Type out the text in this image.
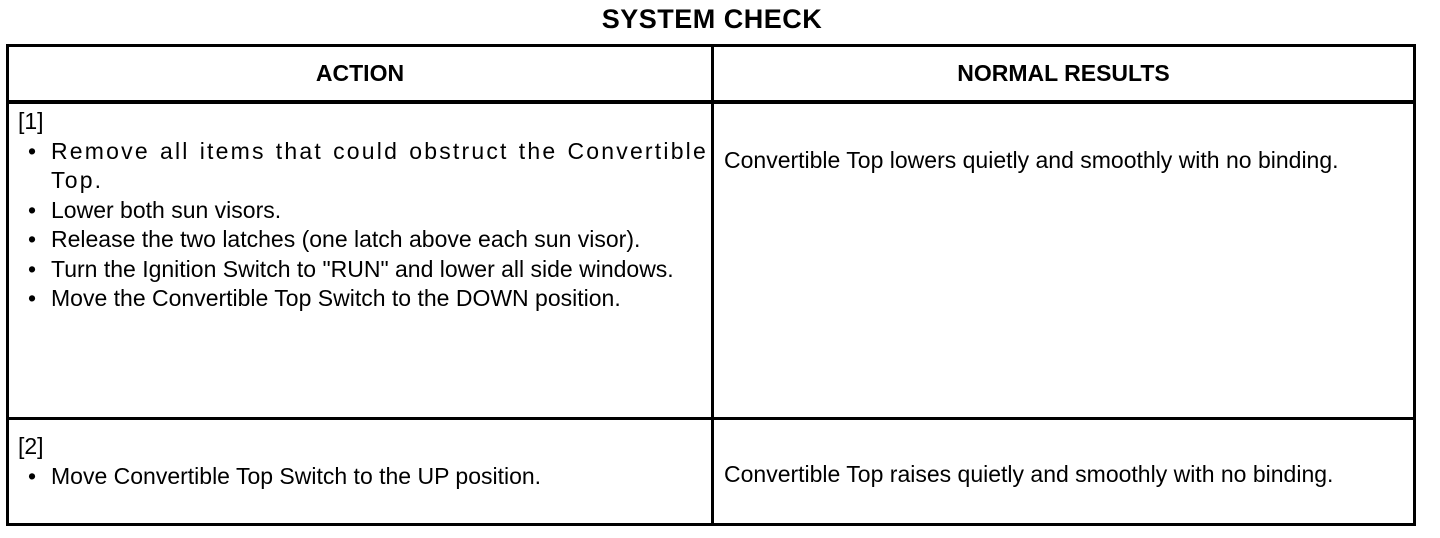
SYSTEM CHECK
ACTION	NORMAL RESULTS
[1]
• Remove all items that could obstruct the Convertible Top.
• Lower both sun visors.
• Release the two latches (one latch above each sun visor).
• Turn the Ignition Switch to "RUN" and lower all side windows.
• Move the Convertible Top Switch to the DOWN position.
Convertible Top lowers quietly and smoothly with no binding.
[2]
• Move Convertible Top Switch to the UP position.	Convertible Top raises quietly and smoothly with no binding.
